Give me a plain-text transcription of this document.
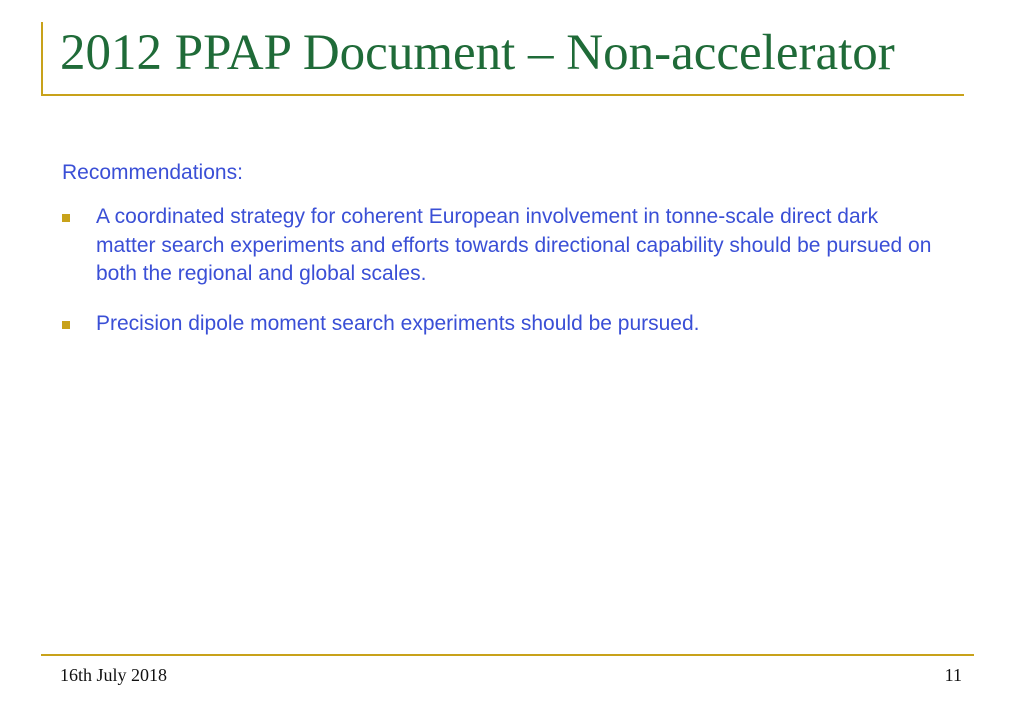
2012 PPAP Document – Non-accelerator

Recommendations:

A coordinated strategy for coherent European involvement in tonne-scale direct dark matter search experiments and efforts towards directional capability should be pursued on both the regional and global scales.
Precision dipole moment search experiments should be pursued.
16th July 2018	11
